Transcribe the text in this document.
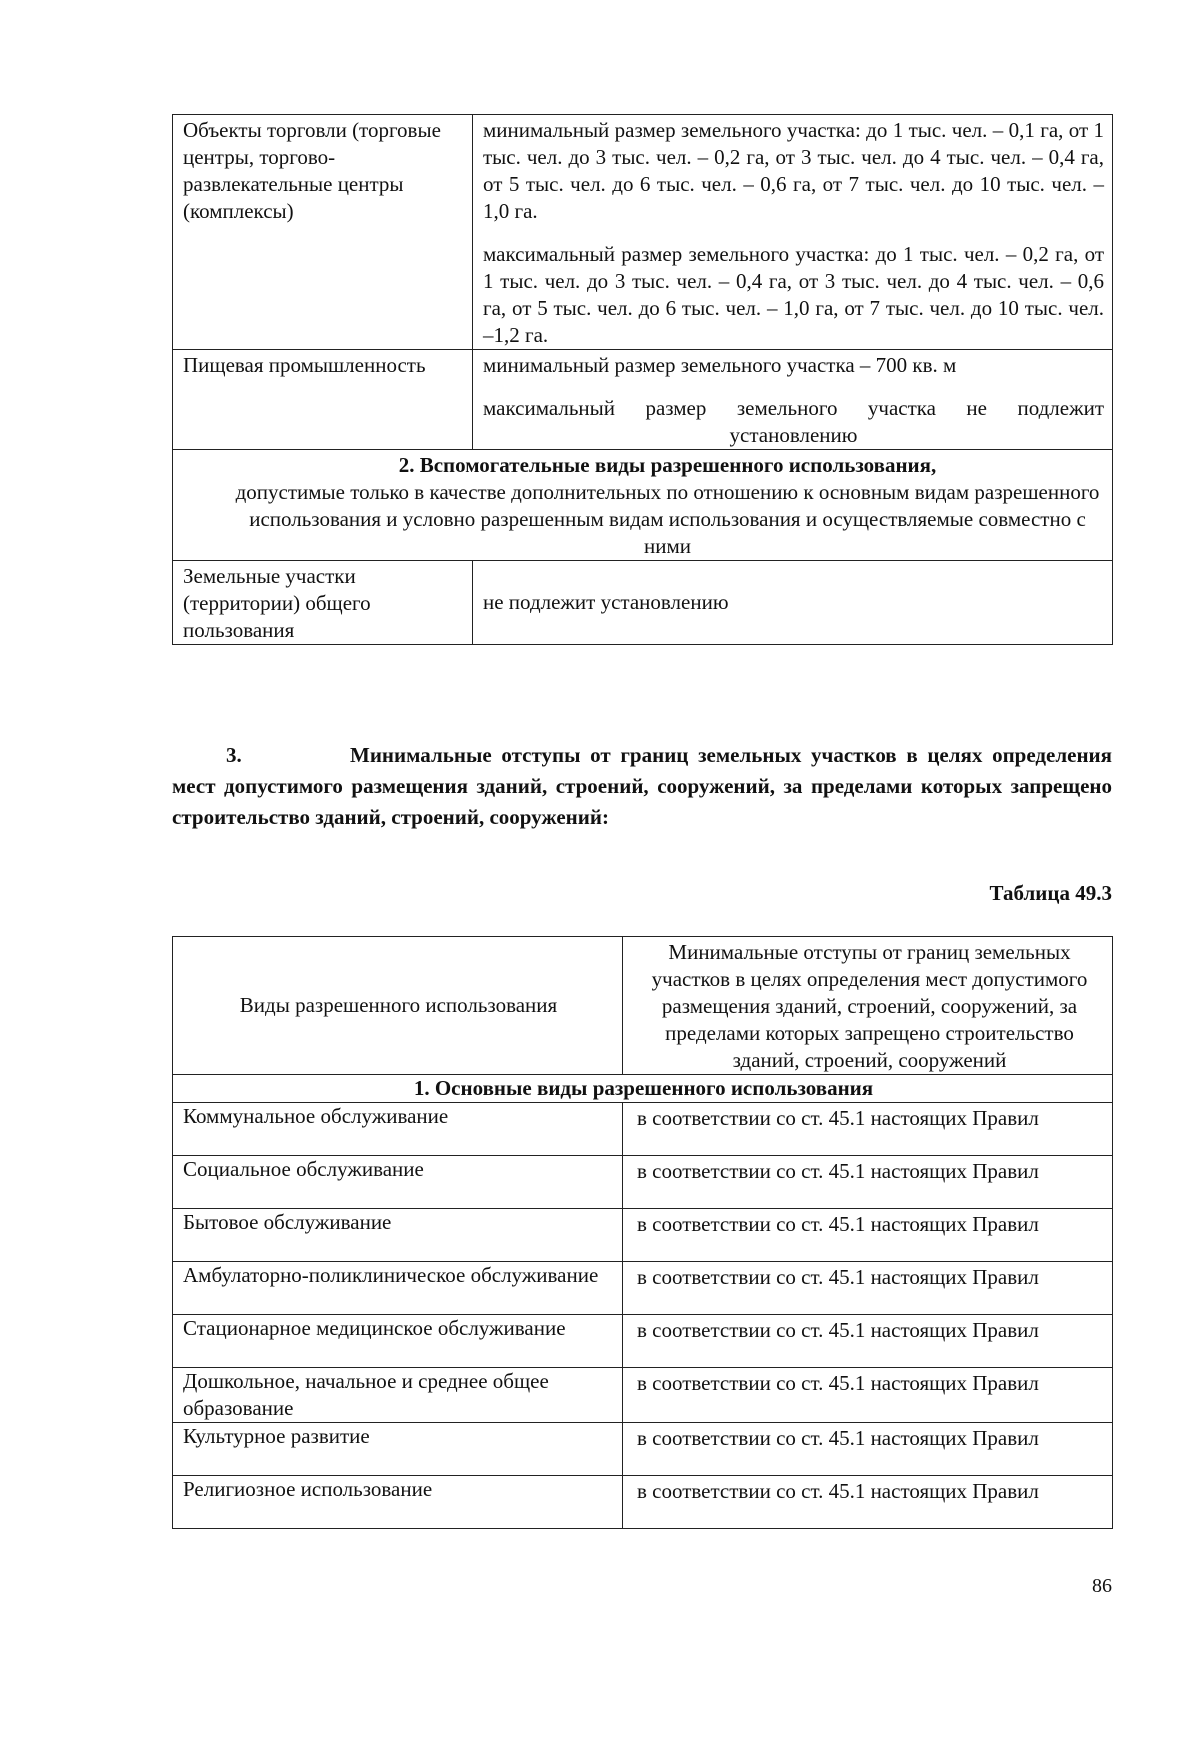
Объекты торговли (торговые центры, торгово-развлекательные центры (комплексы)	минимальный размер земельного участка: до 1 тыс. чел. – 0,1 га, от 1 тыс. чел. до 3 тыс. чел. – 0,2 га, от 3 тыс. чел. до 4 тыс. чел. – 0,4 га, от 5 тыс. чел. до 6 тыс. чел. – 0,6 га, от 7 тыс. чел. до 10 тыс. чел. – 1,0 га.
максимальный размер земельного участка: до 1 тыс. чел. – 0,2 га, от 1 тыс. чел. до 3 тыс. чел. – 0,4 га, от 3 тыс. чел. до 4 тыс. чел. – 0,6 га, от 5 тыс. чел. до 6 тыс. чел. – 1,0 га, от 7 тыс. чел. до 10 тыс. чел. –1,2 га.

Пищевая промышленность	минимальный размер земельного участка – 700 кв. м
максимальный размер земельного участка не подлежит установлению

2. Вспомогательные виды разрешенного использования,
допустимые только в качестве дополнительных по отношению к основным видам разрешенного использования и условно разрешенным видам использования и осуществляемые совместно с ними	

Земельные участки (территории) общего пользования	не подлежит установлению

3.	Минимальные отступы от границ земельных участков в целях определения мест допустимого размещения зданий, строений, сооружений, за пределами которых запрещено строительство зданий, строений, сооружений:

Таблица 49.3
Виды разрешенного использования	Минимальные отступы от границ земельных участков в целях определения мест допустимого размещения зданий, строений, сооружений, за пределами которых запрещено строительство зданий, строений, сооружений
1. Основные виды разрешенного использования	
Коммунальное обслуживание	в соответствии со ст. 45.1 настоящих Правил
Социальное обслуживание	в соответствии со ст. 45.1 настоящих Правил
Бытовое обслуживание	в соответствии со ст. 45.1 настоящих Правил
Амбулаторно-поликлиническое обслуживание	в соответствии со ст. 45.1 настоящих Правил
Стационарное медицинское обслуживание	в соответствии со ст. 45.1 настоящих Правил
Дошкольное, начальное и среднее общее образование	в соответствии со ст. 45.1 настоящих Правил
Культурное развитие	в соответствии со ст. 45.1 настоящих Правил
Религиозное использование	в соответствии со ст. 45.1 настоящих Правил
86
